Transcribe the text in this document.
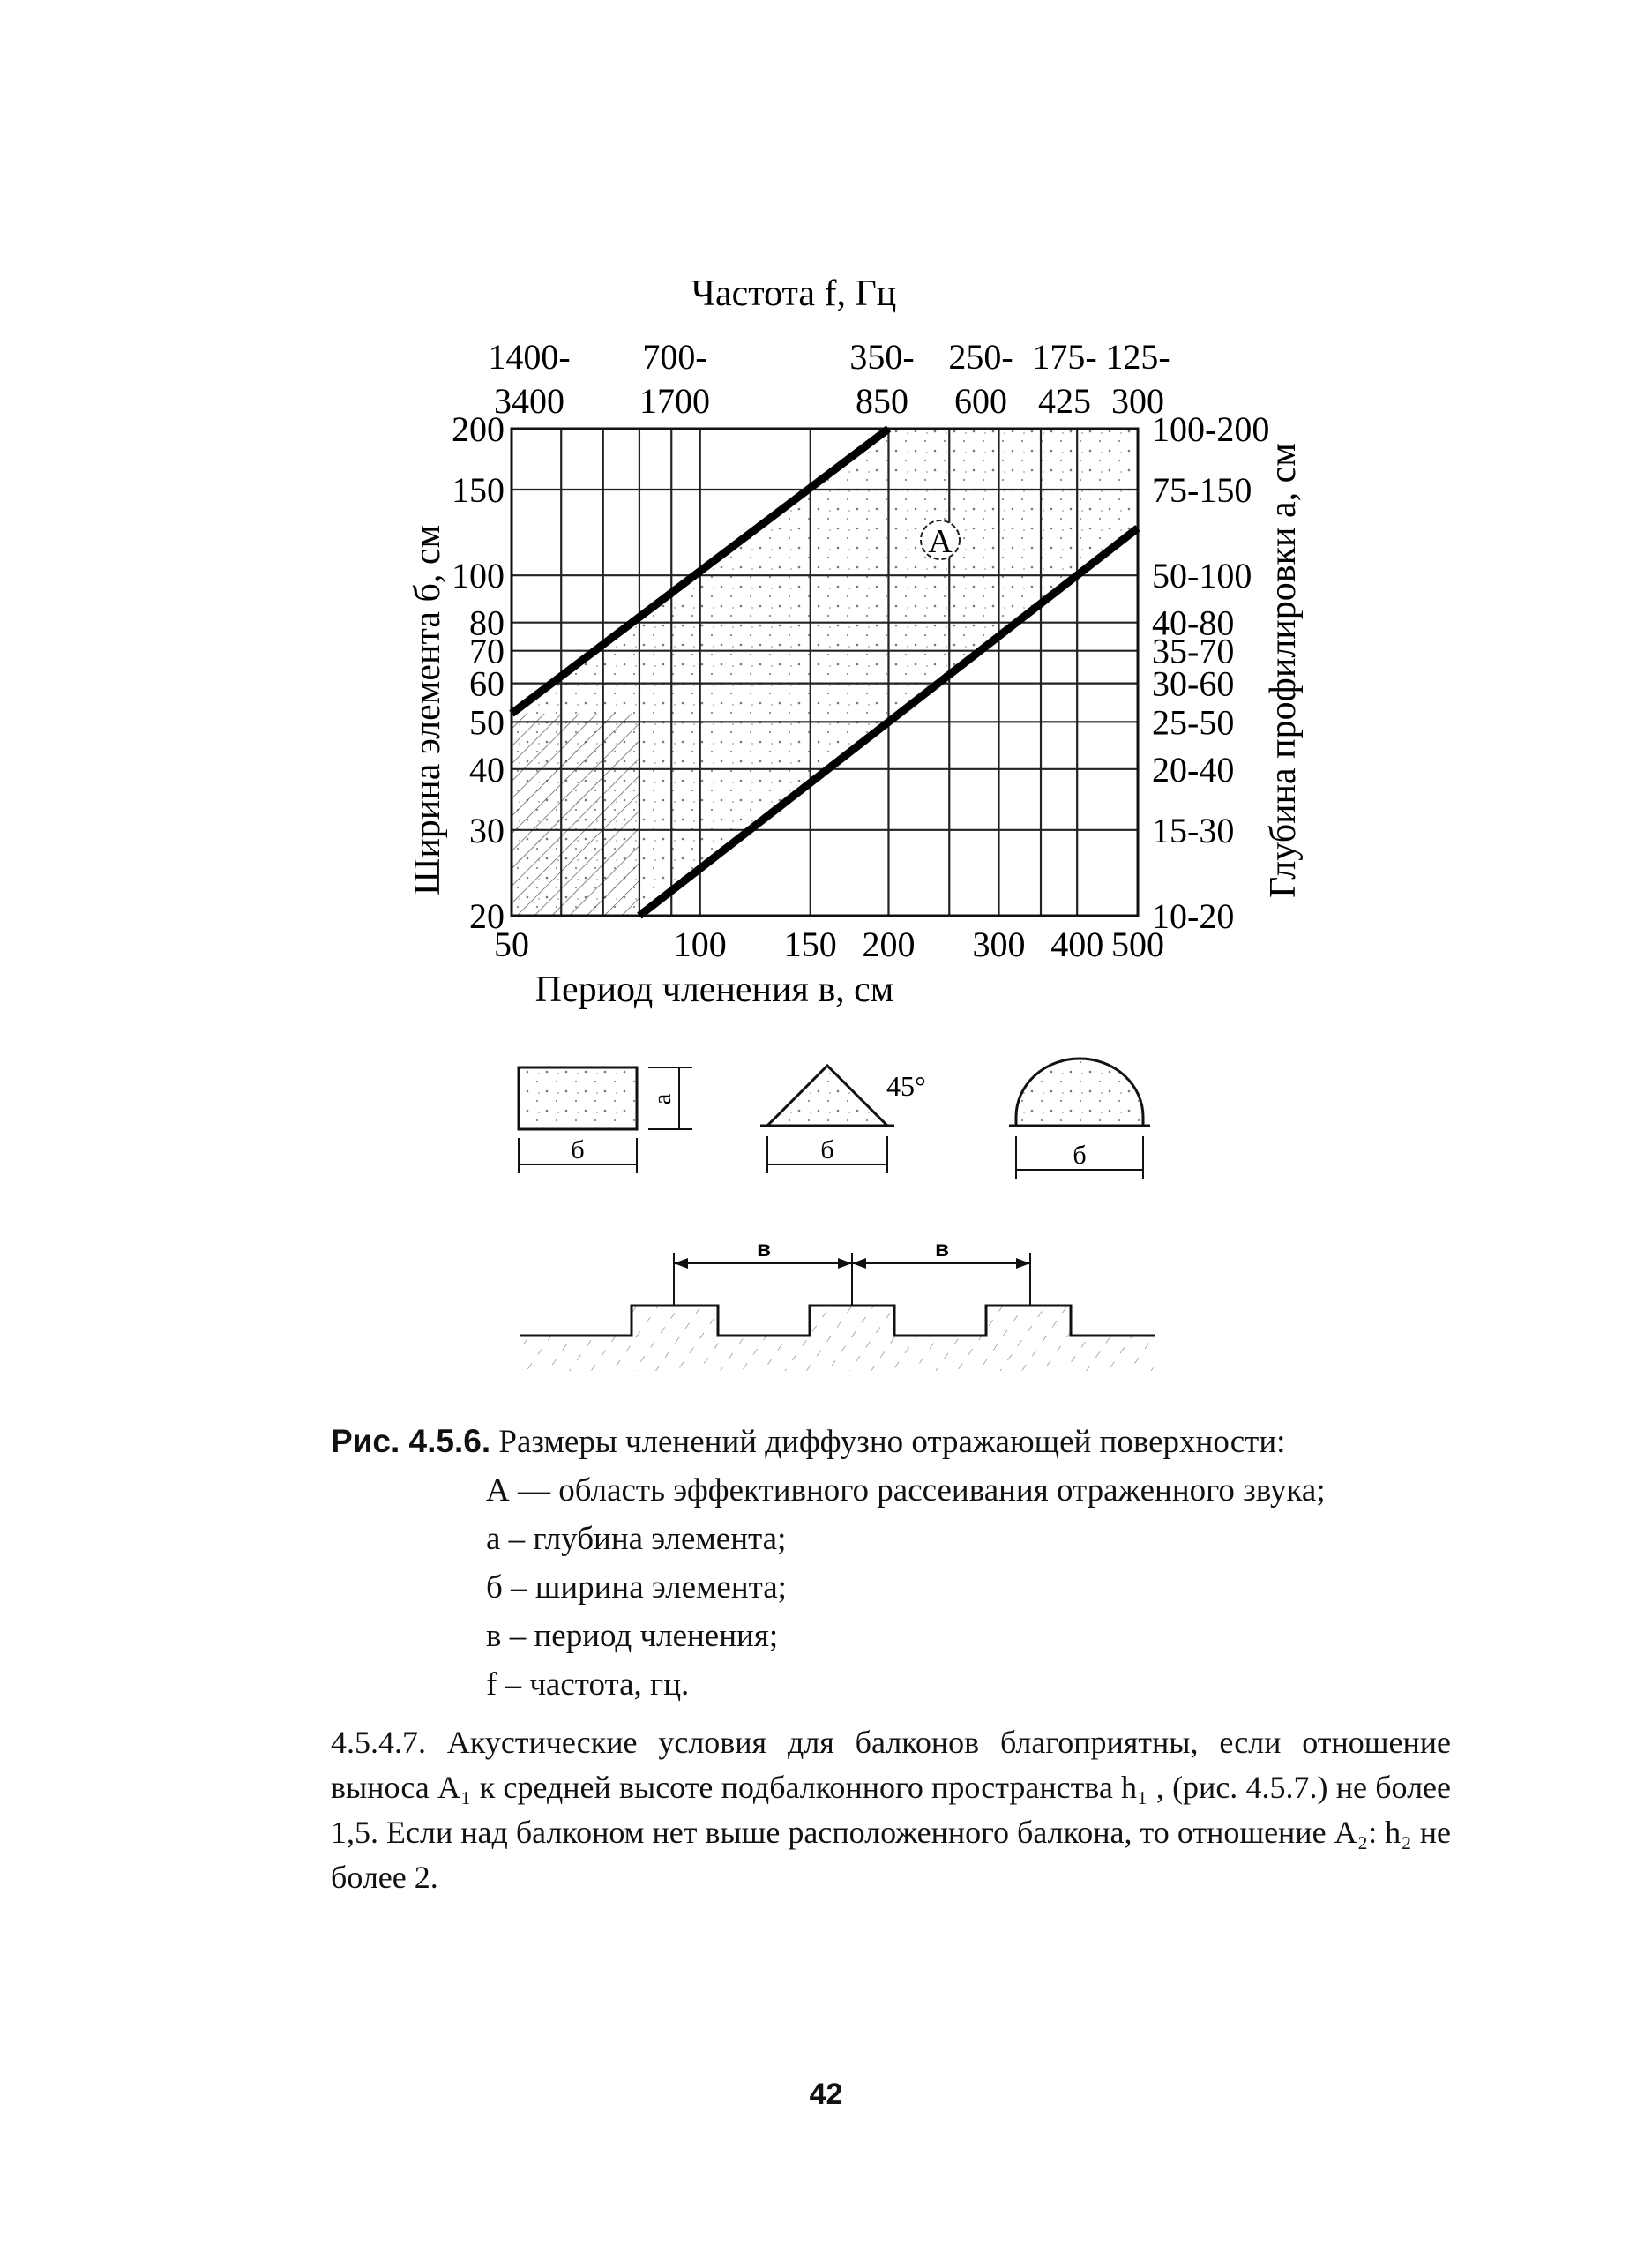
Частота f, Гц
1400-3400
700-1700
350-850
250-600
175-425
125-300
A
20
30
40
50
60
70
80
100
150
200
10-20
15-30
20-40
25-50
30-60
35-70
40-80
50-100
75-150
100-200
50	100 150 200 300 400 500
Период членения в, см
Ширина элемента б, см	Глубина профилировки а, см
а
б
45°
б	б
в	в

Рис. 4.5.6. Размеры членений диффузно отражающей поверхности:

А — область эффективного рассеивания отраженного звука;
а – глубина элемента;
б – ширина элемента;
в – период членения;
f – частота, гц.

4.5.4.7. Акустические условия для балконов благоприятны, если отношение выноса А₁ к средней высоте подбалконного пространства h₁ , (рис. 4.5.7.) не более 1,5. Если над балконом нет выше расположенного балкона, то отношение А₂: h₂ не более 2.

42
